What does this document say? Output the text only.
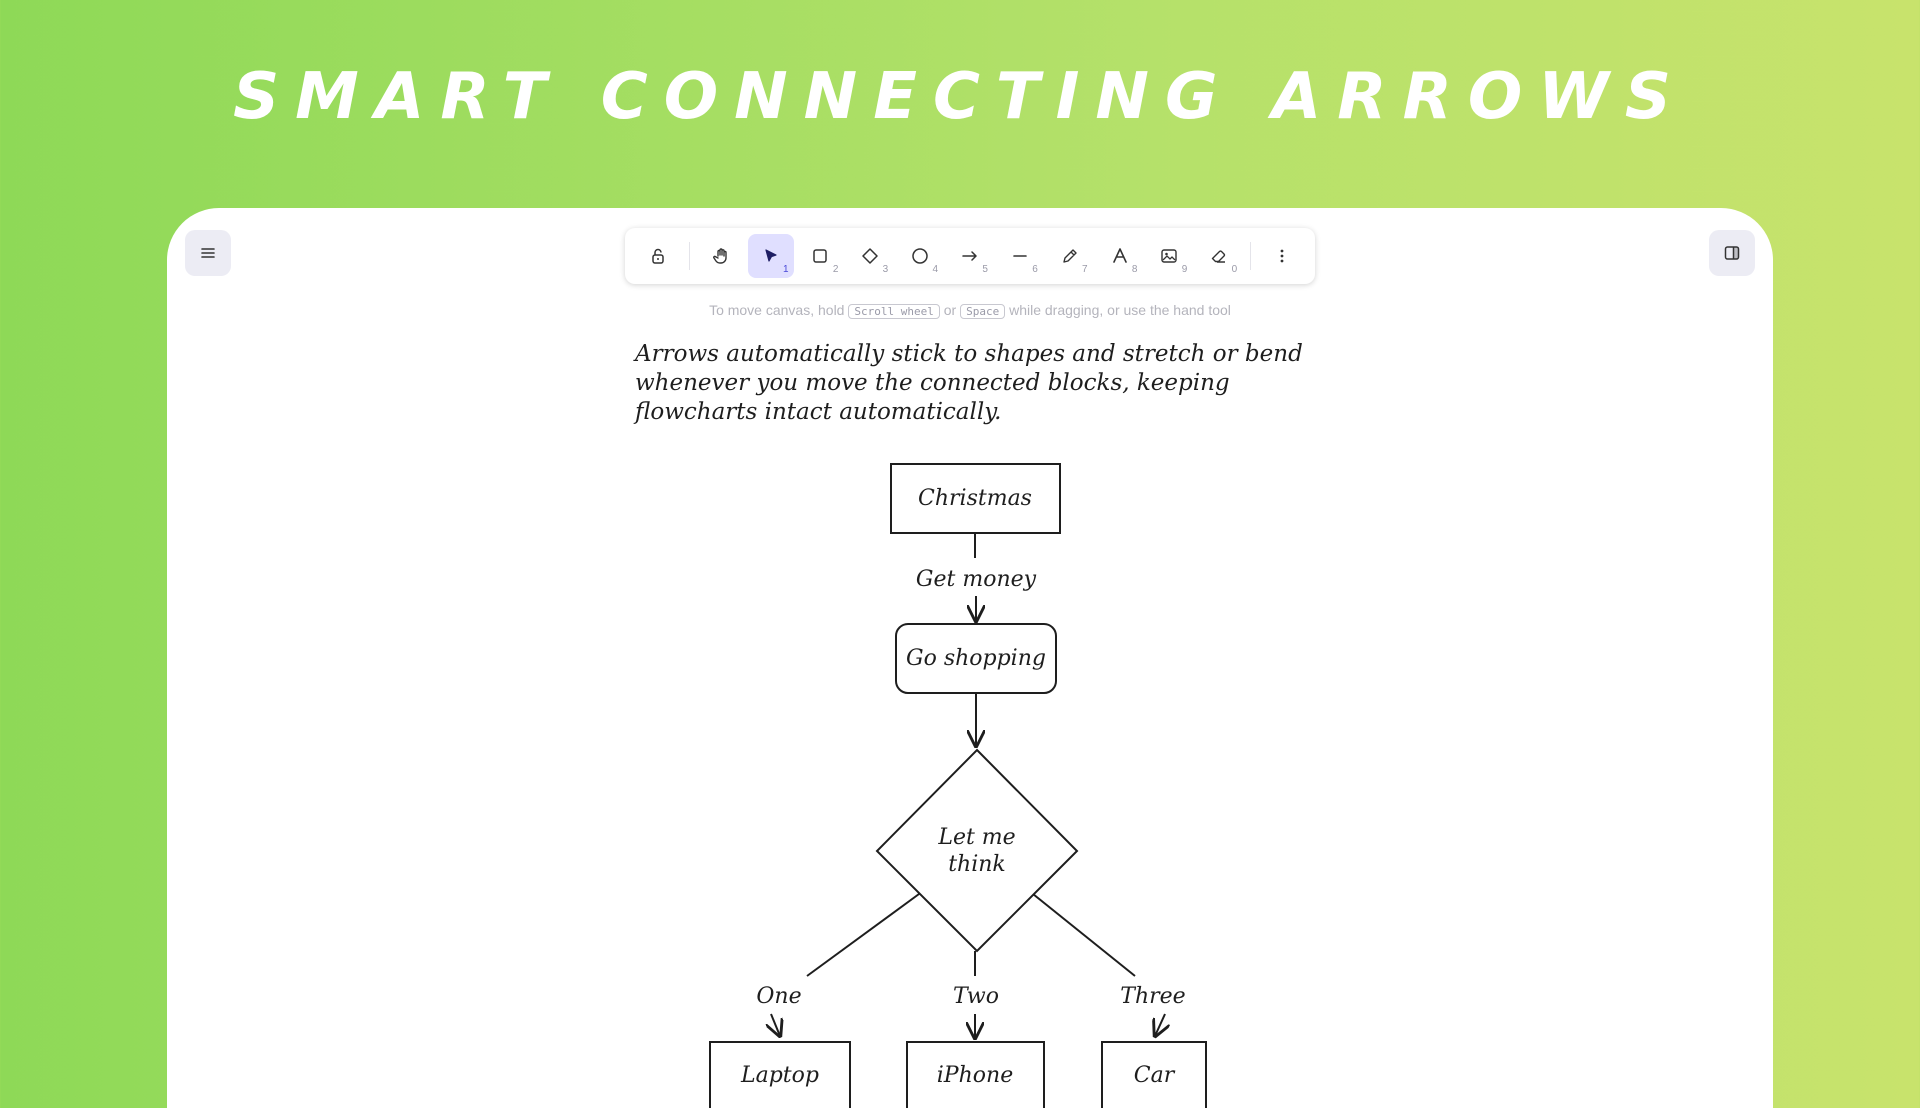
SMART CONNECTING ARROWS
1	2	3	4	5	6	7	8	9	0
To move canvas, hold Scroll wheel or Space while dragging, or use the hand tool
Arrows automatically stick to shapes and stretch or bend whenever you move the connected blocks, keeping flowcharts intact automatically.
Christmas
Get money
Go shopping
Let me
think
One	Two	Three
Laptop	iPhone	Car
